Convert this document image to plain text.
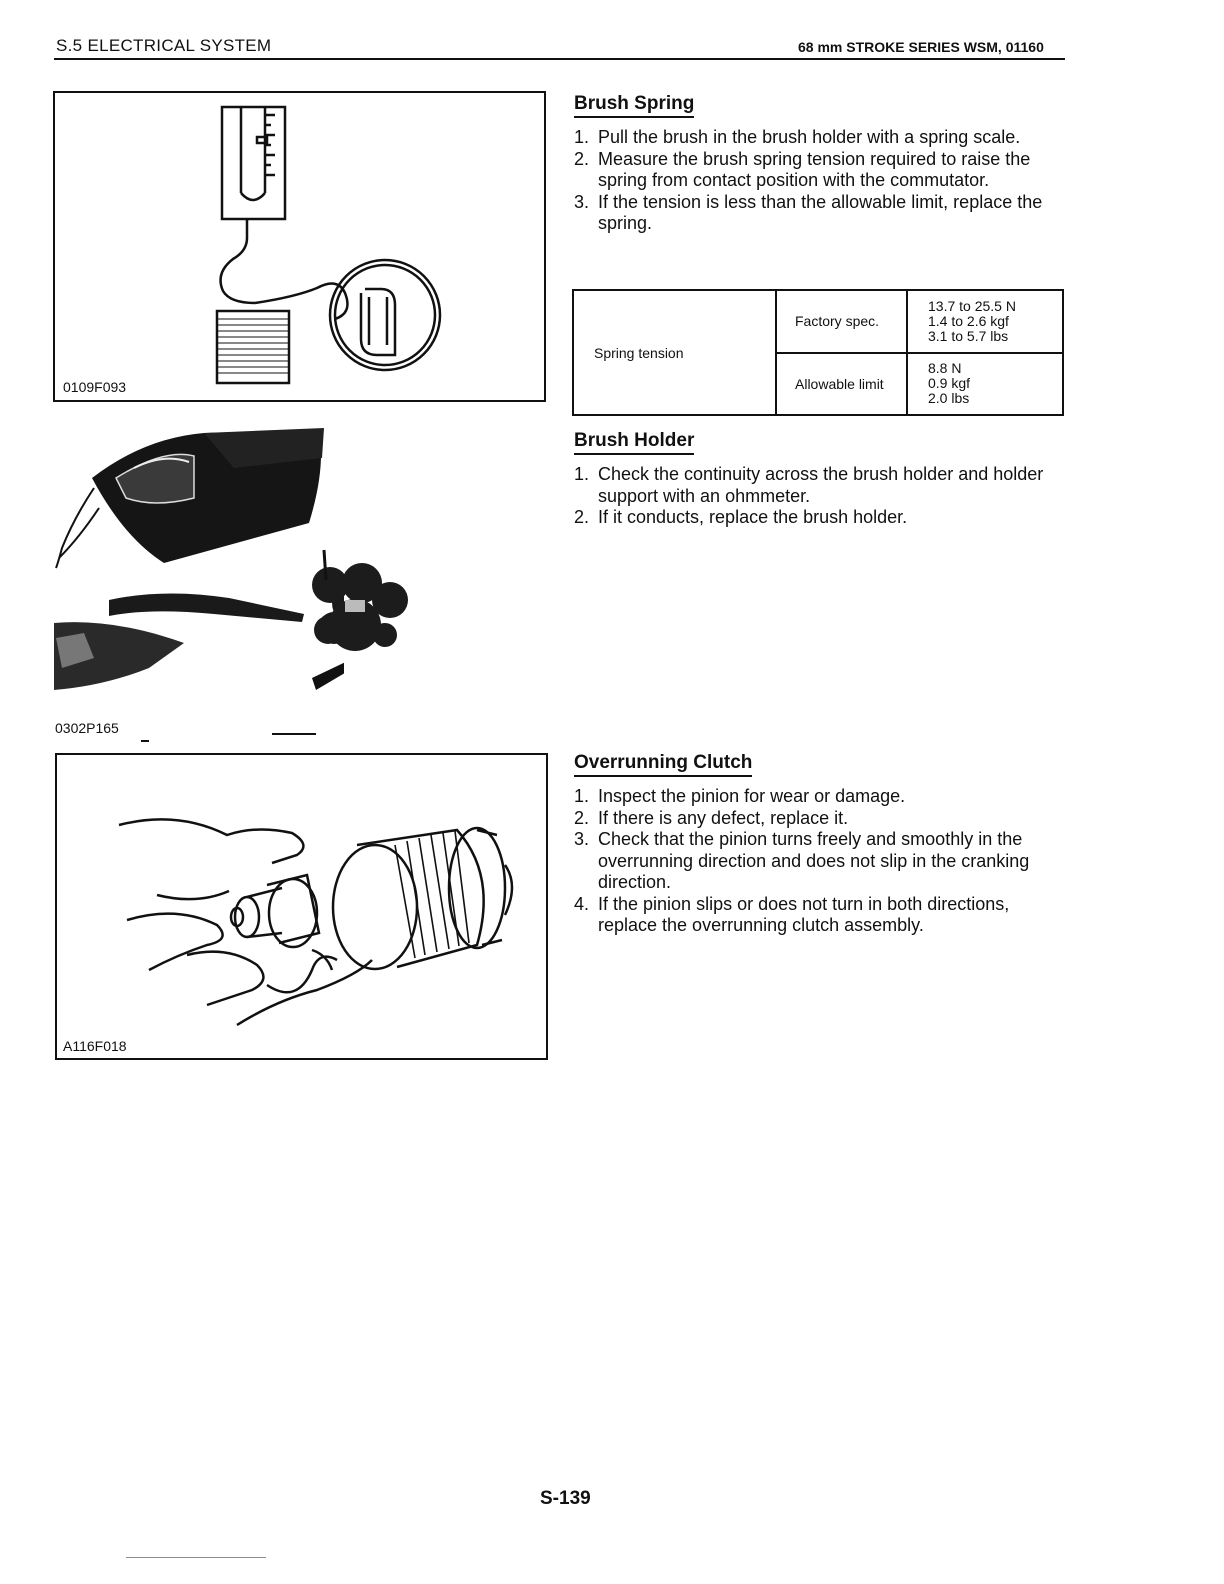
S.5 ELECTRICAL SYSTEM	68 mm STROKE SERIES WSM, 01160
0109F093
0302P165
A116F018
Brush Spring
1. Pull the brush in the brush holder with a spring scale.
2. Measure the brush spring tension required to raise the spring from contact position with the commutator.
3. If the tension is less than the allowable limit, replace the spring.
Spring tension	Factory spec.	13.7 to 25.5 N
1.4 to 2.6 kgf
3.1 to 5.7 lbs

	Allowable limit	8.8 N
0.9 kgf
2.0 lbs
Brush Holder
1. Check the continuity across the brush holder and holder support with an ohmmeter.
2. If it conducts, replace the brush holder.
Overrunning Clutch
1. Inspect the pinion for wear or damage.
2. If there is any defect, replace it.
3. Check that the pinion turns freely and smoothly in the overrunning direction and does not slip in the cranking direction.
4. If the pinion slips or does not turn in both directions, replace the overrunning clutch assembly.
S-139
